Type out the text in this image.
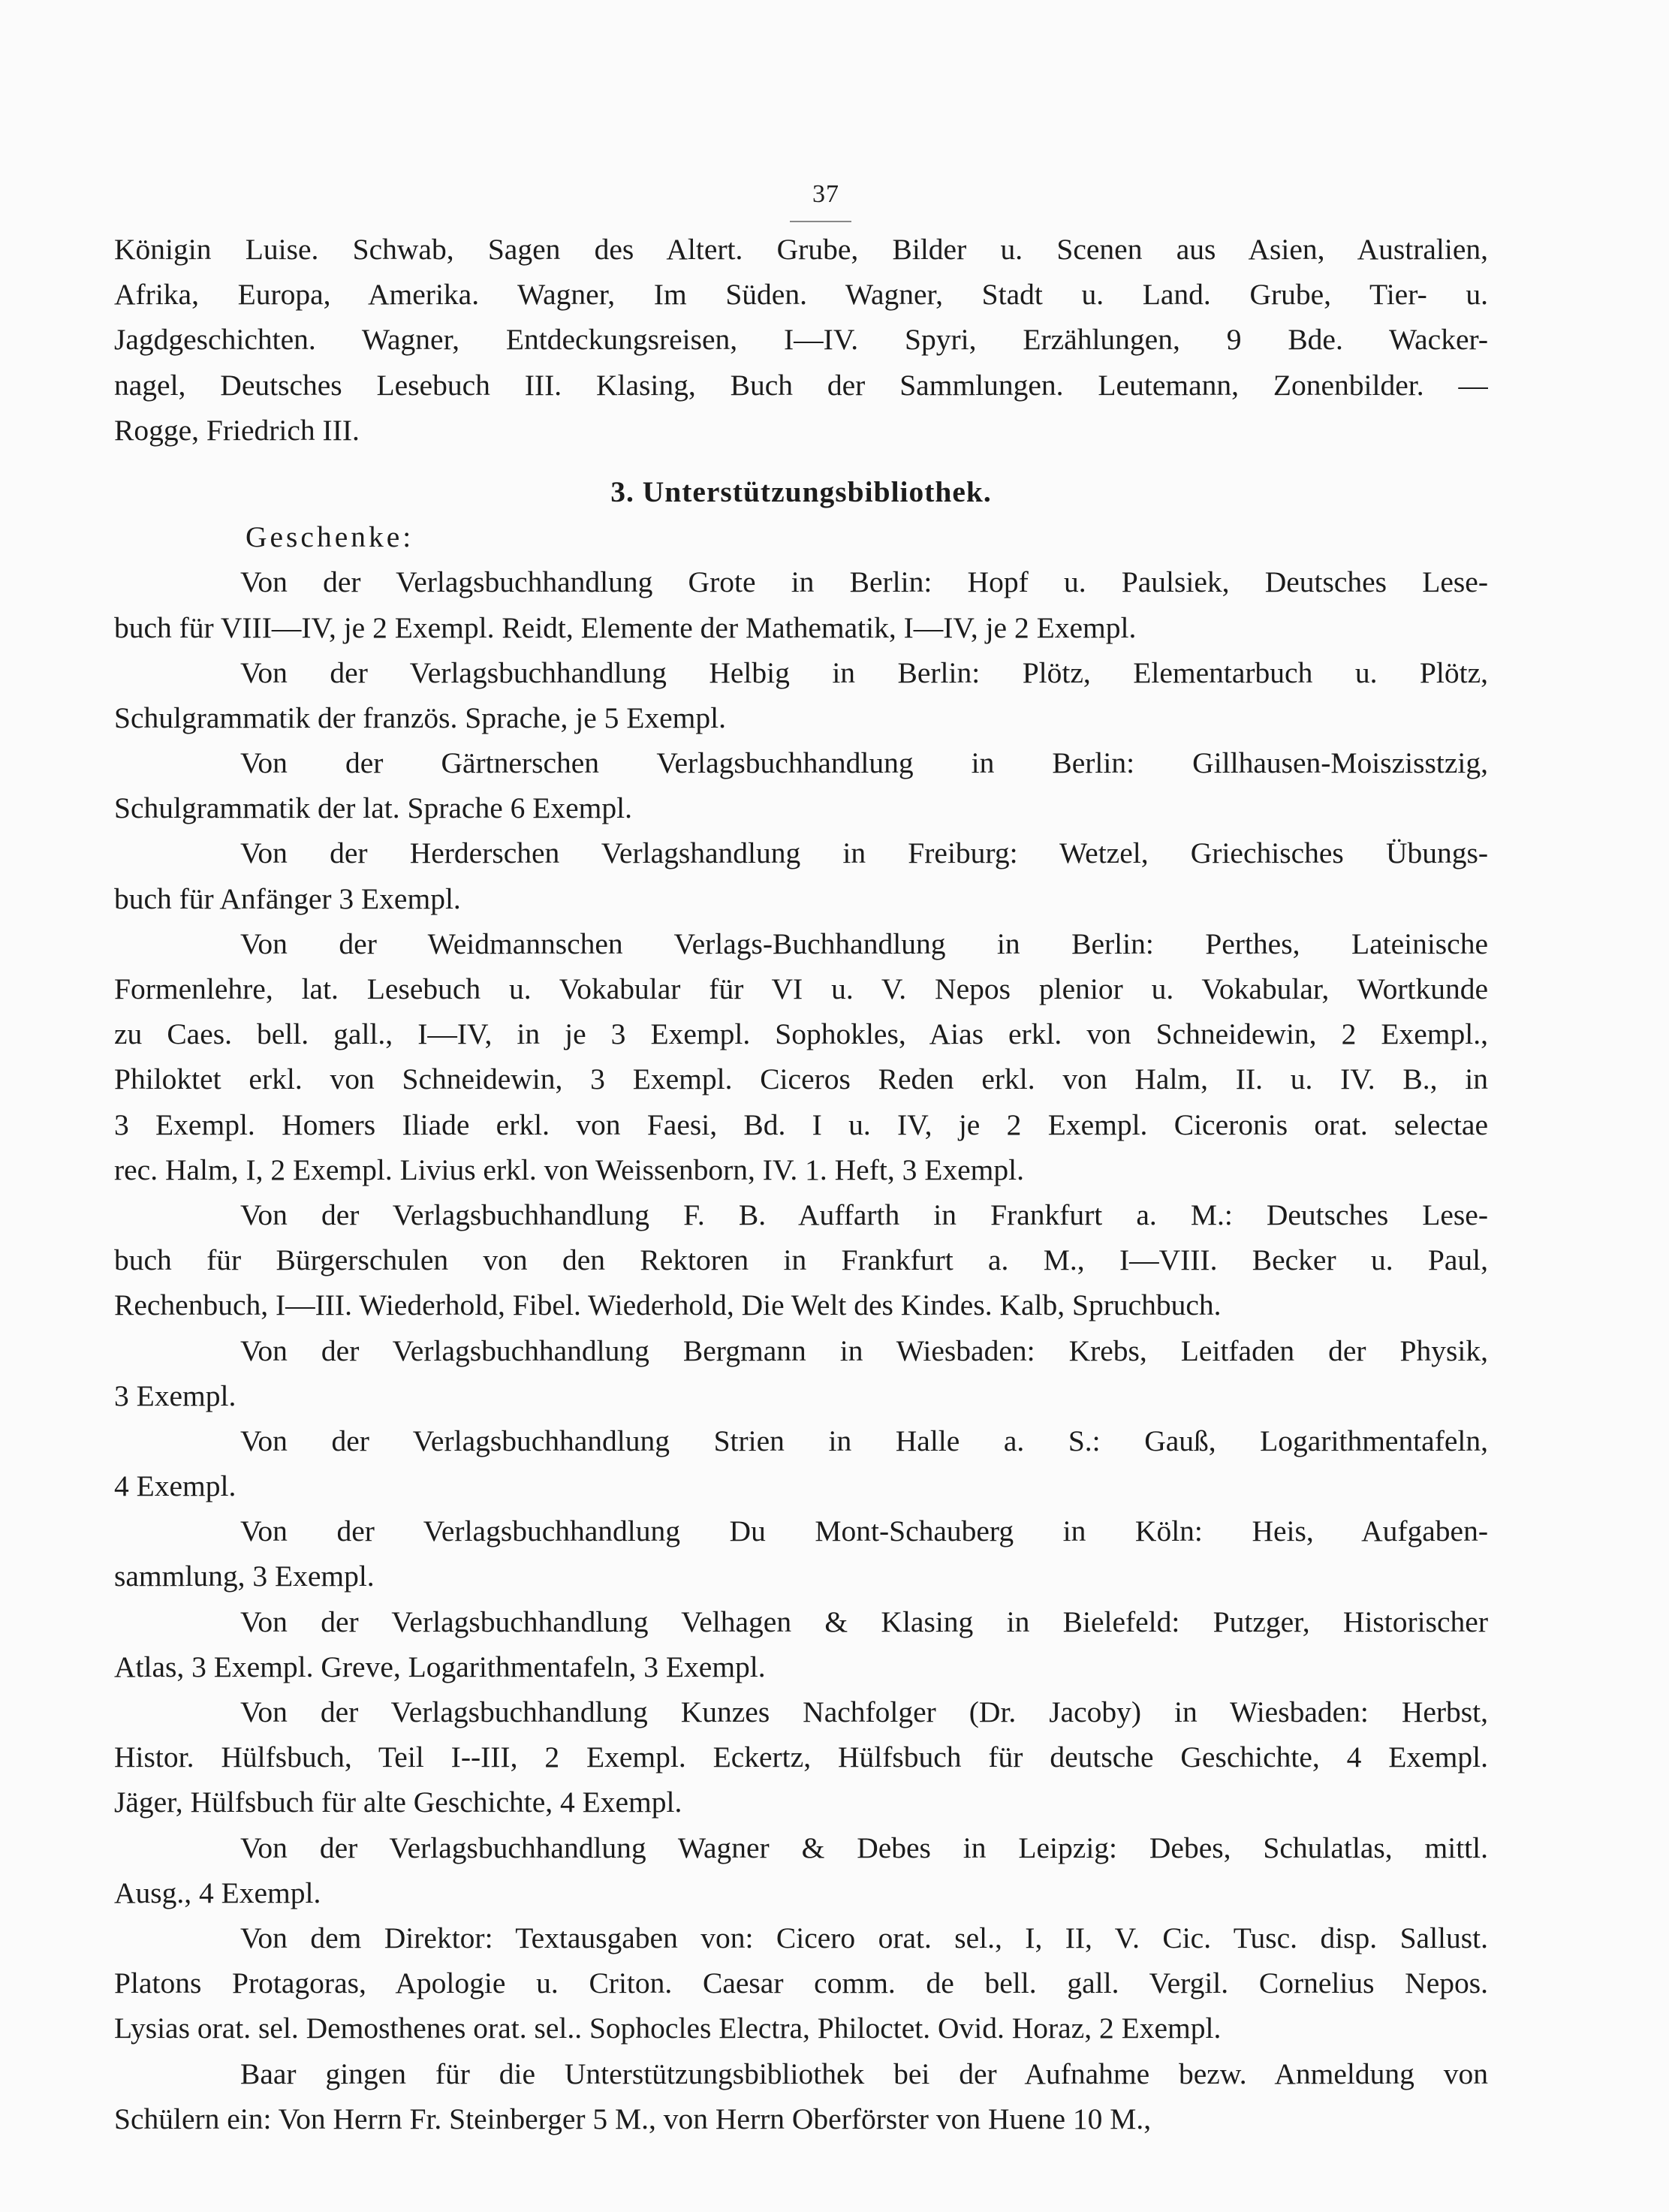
37
Königin Luise. Schwab, Sagen des Altert. Grube, Bilder u. Scenen aus Asien, Australien,
Afrika, Europa, Amerika. Wagner, Im Süden. Wagner, Stadt u. Land. Grube, Tier- u.
Jagdgeschichten. Wagner, Entdeckungsreisen, I—IV. Spyri, Erzählungen, 9 Bde. Wacker-
nagel, Deutsches Lesebuch III. Klasing, Buch der Sammlungen. Leutemann, Zonenbilder. —
Rogge, Friedrich III.
3. Unterstützungsbibliothek.
Geschenke:
Von der Verlagsbuchhandlung Grote in Berlin: Hopf u. Paulsiek, Deutsches Lese-
buch für VIII—IV, je 2 Exempl. Reidt, Elemente der Mathematik, I—IV, je 2 Exempl.
Von der Verlagsbuchhandlung Helbig in Berlin: Plötz, Elementarbuch u. Plötz,
Schulgrammatik der französ. Sprache, je 5 Exempl.
Von der Gärtnerschen Verlagsbuchhandlung in Berlin: Gillhausen-Moiszisstzig,
Schulgrammatik der lat. Sprache 6 Exempl.
Von der Herderschen Verlagshandlung in Freiburg: Wetzel, Griechisches Übungs-
buch für Anfänger 3 Exempl.
Von der Weidmannschen Verlags-Buchhandlung in Berlin: Perthes, Lateinische
Formenlehre, lat. Lesebuch u. Vokabular für VI u. V. Nepos plenior u. Vokabular, Wortkunde
zu Caes. bell. gall., I—IV, in je 3 Exempl. Sophokles, Aias erkl. von Schneidewin, 2 Exempl.,
Philoktet erkl. von Schneidewin, 3 Exempl. Ciceros Reden erkl. von Halm, II. u. IV. B., in
3 Exempl. Homers Iliade erkl. von Faesi, Bd. I u. IV, je 2 Exempl. Ciceronis orat. selectae
rec. Halm, I, 2 Exempl. Livius erkl. von Weissenborn, IV. 1. Heft, 3 Exempl.
Von der Verlagsbuchhandlung F. B. Auffarth in Frankfurt a. M.: Deutsches Lese-
buch für Bürgerschulen von den Rektoren in Frankfurt a. M., I—VIII. Becker u. Paul,
Rechenbuch, I—III. Wiederhold, Fibel. Wiederhold, Die Welt des Kindes. Kalb, Spruchbuch.
Von der Verlagsbuchhandlung Bergmann in Wiesbaden: Krebs, Leitfaden der Physik,
3 Exempl.
Von der Verlagsbuchhandlung Strien in Halle a. S.: Gauß, Logarithmentafeln,
4 Exempl.
Von der Verlagsbuchhandlung Du Mont-Schauberg in Köln: Heis, Aufgaben-
sammlung, 3 Exempl.
Von der Verlagsbuchhandlung Velhagen & Klasing in Bielefeld: Putzger, Historischer
Atlas, 3 Exempl. Greve, Logarithmentafeln, 3 Exempl.
Von der Verlagsbuchhandlung Kunzes Nachfolger (Dr. Jacoby) in Wiesbaden: Herbst,
Histor. Hülfsbuch, Teil I--III, 2 Exempl. Eckertz, Hülfsbuch für deutsche Geschichte, 4 Exempl.
Jäger, Hülfsbuch für alte Geschichte, 4 Exempl.
Von der Verlagsbuchhandlung Wagner & Debes in Leipzig: Debes, Schulatlas, mittl.
Ausg., 4 Exempl.
Von dem Direktor: Textausgaben von: Cicero orat. sel., I, II, V. Cic. Tusc. disp. Sallust.
Platons Protagoras, Apologie u. Criton. Caesar comm. de bell. gall. Vergil. Cornelius Nepos.
Lysias orat. sel. Demosthenes orat. sel.. Sophocles Electra, Philoctet. Ovid. Horaz, 2 Exempl.
Baar gingen für die Unterstützungsbibliothek bei der Aufnahme bezw. Anmeldung von
Schülern ein: Von Herrn Fr. Steinberger 5 M., von Herrn Oberförster von Huene 10 M.,
